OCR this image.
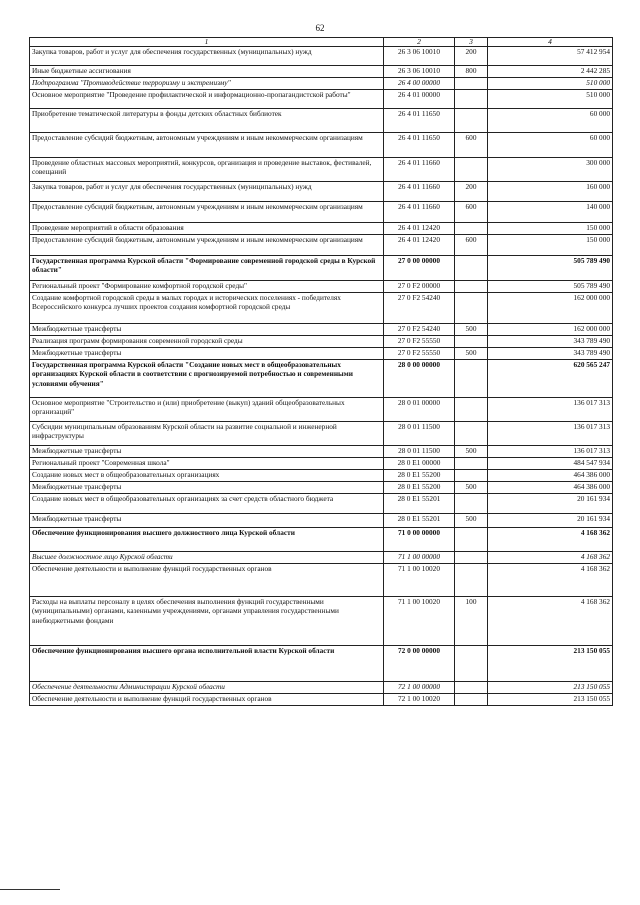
62
1	2	3	4
Закупка товаров, работ и услуг для обеспечения государственных (муниципальных) нужд	26 3 06 10010	200	57 412 954
Иные бюджетные ассигнования	26 3 06 10010	800	2 442 285
Подпрограмма "Противодействие терроризму и экстремизму"	26 4 00 00000		510 000
Основное мероприятие "Проведение профилактической и информационно-пропагандистской работы"	26 4 01 00000		510 000
Приобретение тематической литературы в фонды детских областных библиотек	26 4 01 11650		60 000
Предоставление субсидий бюджетным, автономным учреждениям и иным некоммерческим организациям	26 4 01 11650	600	60 000
Проведение областных массовых мероприятий, конкурсов, организация и проведение выставок, фестивалей, совещаний	26 4 01 11660		300 000
Закупка товаров, работ и услуг для обеспечения государственных (муниципальных) нужд	26 4 01 11660	200	160 000
Предоставление субсидий бюджетным, автономным учреждениям и иным некоммерческим организациям	26 4 01 11660	600	140 000
Проведение мероприятий в области образования	26 4 01 12420		150 000
Предоставление субсидий бюджетным, автономным учреждениям и иным некоммерческим организациям	26 4 01 12420	600	150 000
Государственная программа Курской области "Формирование современной городской среды в Курской области"	27 0 00 00000		505 789 490
Региональный проект "Формирование комфортной городской среды"	27 0 F2 00000		505 789 490
Создание комфортной городской среды в малых городах и исторических поселениях - победителях Всероссийского конкурса лучших проектов создания комфортной городской среды	27 0 F2 54240		162 000 000
Межбюджетные трансферты	27 0 F2 54240	500	162 000 000
Реализация программ формирования современной городской среды	27 0 F2 55550		343 789 490
Межбюджетные трансферты	27 0 F2 55550	500	343 789 490
Государственная программа Курской области "Создание новых мест в общеобразовательных организациях Курской области в соответствии с прогнозируемой потребностью и современными условиями обучения"	28 0 00 00000		620 565 247
Основное мероприятие "Строительство и (или) приобретение (выкуп) зданий общеобразовательных организаций"	28 0 01 00000		136 017 313
Субсидии муниципальным образованиям Курской области на развитие социальной и инженерной инфраструктуры	28 0 01 11500		136 017 313
Межбюджетные трансферты	28 0 01 11500	500	136 017 313
Региональный проект "Современная школа"	28 0 E1 00000		484 547 934
Создание новых мест в общеобразовательных организациях	28 0 E1 55200		464 386 000
Межбюджетные трансферты	28 0 E1 55200	500	464 386 000
Создание новых мест в общеобразовательных организациях за счет средств областного бюджета	28 0 E1 55201		20 161 934
Межбюджетные трансферты	28 0 E1 55201	500	20 161 934
Обеспечение функционирования высшего должностного лица Курской области	71 0 00 00000		4 168 362
Высшее должностное лицо Курской области	71 1 00 00000		4 168 362
Обеспечение деятельности и выполнение функций государственных органов	71 1 00 10020		4 168 362
Расходы на выплаты персоналу в целях обеспечения выполнения функций государственными (муниципальными) органами, казенными учреждениями, органами управления государственными внебюджетными фондами	71 1 00 10020	100	4 168 362
Обеспечение функционирования высшего органа исполнительной власти Курской области	72 0 00 00000		213 150 055
Обеспечение деятельности Администрации Курской области	72 1 00 00000		213 150 055
Обеспечение деятельности и выполнение функций государственных органов	72 1 00 10020		213 150 055
